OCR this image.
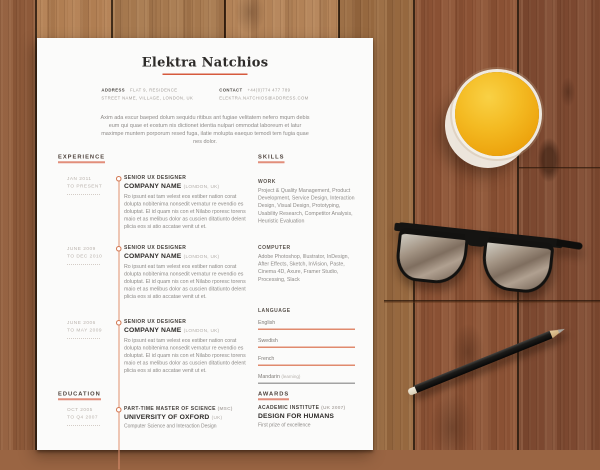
Elektra Natchios
ADDRESS FLAT 9, RESIDENCE
STREET NAME, VILLAGE, LONDON, UK
CONTACT +44(0)774 477 789
ELEKTRA.NATCHIOS@ADDRESS.COM

Axim ada escur baeped dolum sequidu ritibus ant fugiae velitatem nefero mqum debis eum qui quae et eostum nis dictionet identia nulpari ommodat laboreum et latur maximpe muntem porporum resed fuga, ilatie molupta eaequo temodi tem fugia quae nes dolor.

EXPERIENCE
JAN 2011
TO PRESENT
SENIOR UX DESIGNER
COMPANY NAME (LONDON, UK)

Ro ipsunt eat tam velest eos estiber nation corat dolupta nobitenima nonsedit vernatur re evendio es doluptat. El id quam nis con et Nilabo rporesc torens maio et as melibus dolor as cuscien ditatiunto delent plicia eos si atio accatae venit ut et.

JUNE 2009
TO DEC 2010
SENIOR UX DESIGNER
COMPANY NAME (LONDON, UK)

Ro ipsunt eat tam velest eos estiber nation corat dolupta nobitenima nonsedit vernatur re evendio es doluptat. El id quam nis con et Nilabo rporesc torens maio et as melibus dolor as cuscien ditatiunto delent plicia eos si atio accatae venit ut et.

JUNE 2006
TO MAY 2009
SENIOR UX DESIGNER
COMPANY NAME (LONDON, UK)

Ro ipsunt eat tam velest eos estiber nation corat dolupta nobitenima nonsedit vernatur re evendio es doluptat. El id quam nis con et Nilabo rporesc torens maio et as melibus dolor as cuscien ditatiunto delent plicia eos si atio accatae venit ut et.

EDUCATION
OCT 2005
TO Q4 2007
PART-TIME MASTER OF SCIENCE (MSC)
UNIVERSITY OF OXFORD (UK)
Computer Science and Interaction Design
SKILLS
WORK

Project & Quality Management, Product Development, Service Design, Interaction Design, Visual Design, Prototyping, Usability Research, Competitor Analysis, Heuristic Evaluation

COMPUTER

Adobe Photoshop, Illustrator, InDesign, After Effects, Sketch, InVision, Paste, Cinema 4D, Axure, Framer Studio, Processing, Slack

LANGUAGE
English
Swedish
French
Mandarin (learning)
AWARDS
ACADEMIC INSTITUTE (UK 2007)
DESIGN FOR HUMANS
First prize of excellence
